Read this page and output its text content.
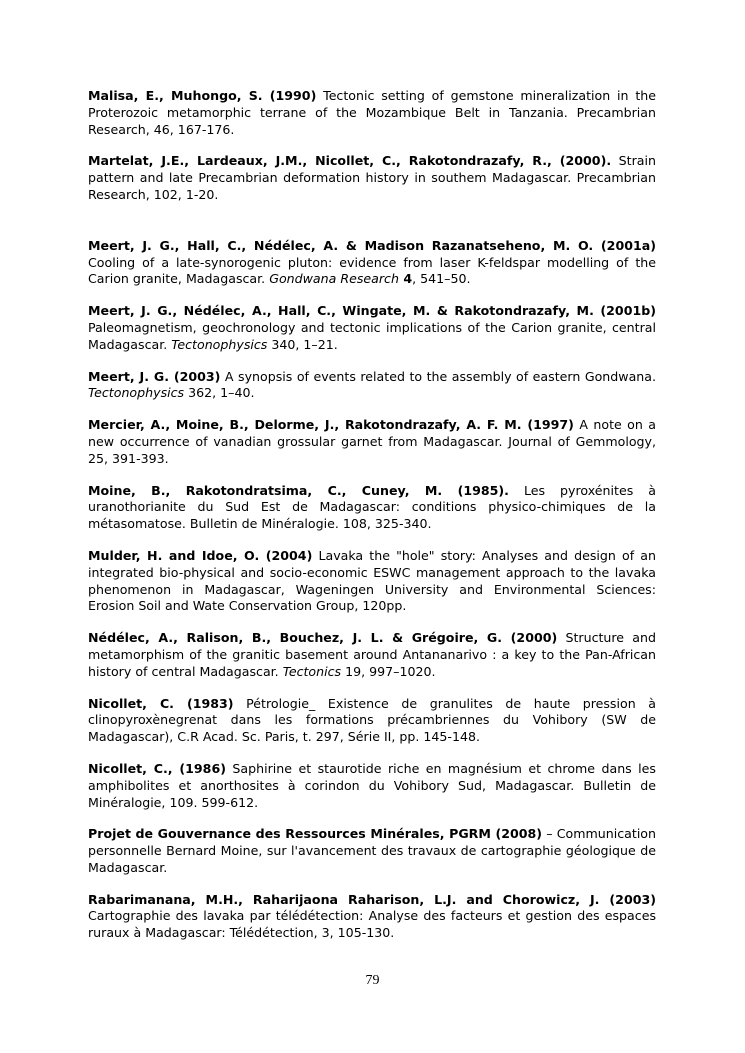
Malisa, E., Muhongo, S. (1990) Tectonic setting of gemstone mineralization in the Proterozoic metamorphic terrane of the Mozambique Belt in Tanzania. Precambrian Research, 46, 167-176.

Martelat, J.E., Lardeaux, J.M., Nicollet, C., Rakotondrazafy, R., (2000). Strain pattern and late Precambrian deformation history in southem Madagascar. Precambrian Research, 102, 1-20.

Meert, J. G., Hall, C., Nédélec, A. & Madison Razanatseheno, M. O. (2001a) Cooling of a late-synorogenic pluton: evidence from laser K-feldspar modelling of the Carion granite, Madagascar. Gondwana Research 4, 541–50.

Meert, J. G., Nédélec, A., Hall, C., Wingate, M. & Rakotondrazafy, M. (2001b) Paleomagnetism, geochronology and tectonic implications of the Carion granite, central Madagascar. Tectonophysics 340, 1–21.

Meert, J. G. (2003) A synopsis of events related to the assembly of eastern Gondwana. Tectonophysics 362, 1–40.

Mercier, A., Moine, B., Delorme, J., Rakotondrazafy, A. F. M. (1997) A note on a new occurrence of vanadian grossular garnet from Madagascar. Journal of Gemmology, 25, 391-393.

Moine, B., Rakotondratsima, C., Cuney, M. (1985). Les pyroxénites à uranothorianite du Sud Est de Madagascar: conditions physico-chimiques de la métasomatose. Bulletin de Minéralogie. 108, 325-340.

Mulder, H. and Idoe, O. (2004) Lavaka the "hole" story: Analyses and design of an integrated bio-physical and socio-economic ESWC management approach to the lavaka phenomenon in Madagascar, Wageningen University and Environmental Sciences: Erosion Soil and Wate Conservation Group, 120pp.

Nédélec, A., Ralison, B., Bouchez, J. L. & Grégoire, G. (2000) Structure and metamorphism of the granitic basement around Antananarivo : a key to the Pan-African history of central Madagascar. Tectonics 19, 997–1020.

Nicollet, C. (1983) Pétrologie_ Existence de granulites de haute pression à clinopyroxènegrenat dans les formations précambriennes du Vohibory (SW de Madagascar), C.R Acad. Sc. Paris, t. 297, Série II, pp. 145-148.

Nicollet, C., (1986) Saphirine et staurotide riche en magnésium et chrome dans les amphibolites et anorthosites à corindon du Vohibory Sud, Madagascar. Bulletin de Minéralogie, 109. 599-612.

Projet de Gouvernance des Ressources Minérales, PGRM (2008) – Communication personnelle Bernard Moine, sur l'avancement des travaux de cartographie géologique de Madagascar.

Rabarimanana, M.H., Raharijaona Raharison, L.J. and Chorowicz, J. (2003) Cartographie des lavaka par télédétection: Analyse des facteurs et gestion des espaces ruraux à Madagascar: Télédétection, 3, 105-130.

79
